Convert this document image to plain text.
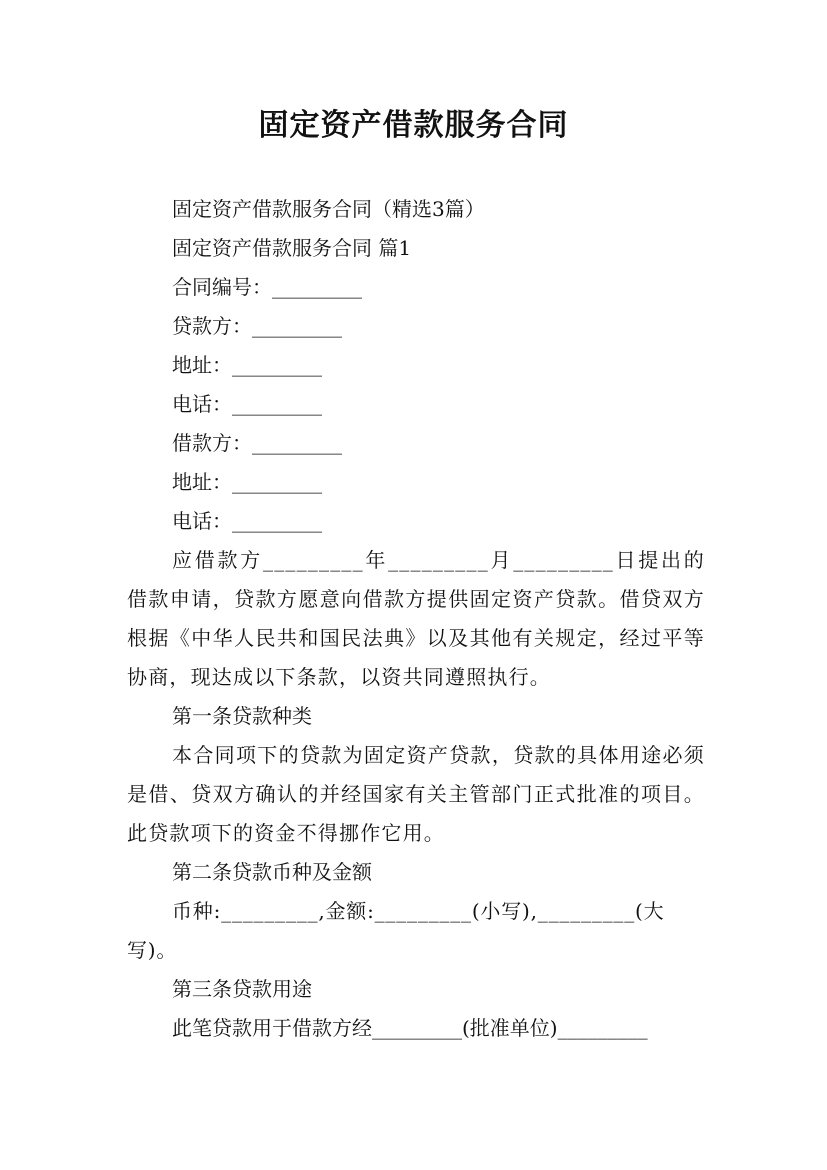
固定资产借款服务合同
固定资产借款服务合同（精选3篇）
固定资产借款服务合同 篇1
合同编号：_________
贷款方：_________
地址：_________
电话：_________
借款方：_________
地址：_________
电话：_________
应借款方_________年_________月_________日提出的借款申请，贷款方愿意向借款方提供固定资产贷款。借贷双方根据《中华人民共和国民法典》以及其他有关规定，经过平等协商，现达成以下条款，以资共同遵照执行。
第一条贷款种类
本合同项下的贷款为固定资产贷款，贷款的具体用途必须是借、贷双方确认的并经国家有关主管部门正式批准的项目。此贷款项下的资金不得挪作它用。
第二条贷款币种及金额
币种:_________,金额:_________(小写),_________(大写)。
第三条贷款用途
此笔贷款用于借款方经_________(批准单位)_________
